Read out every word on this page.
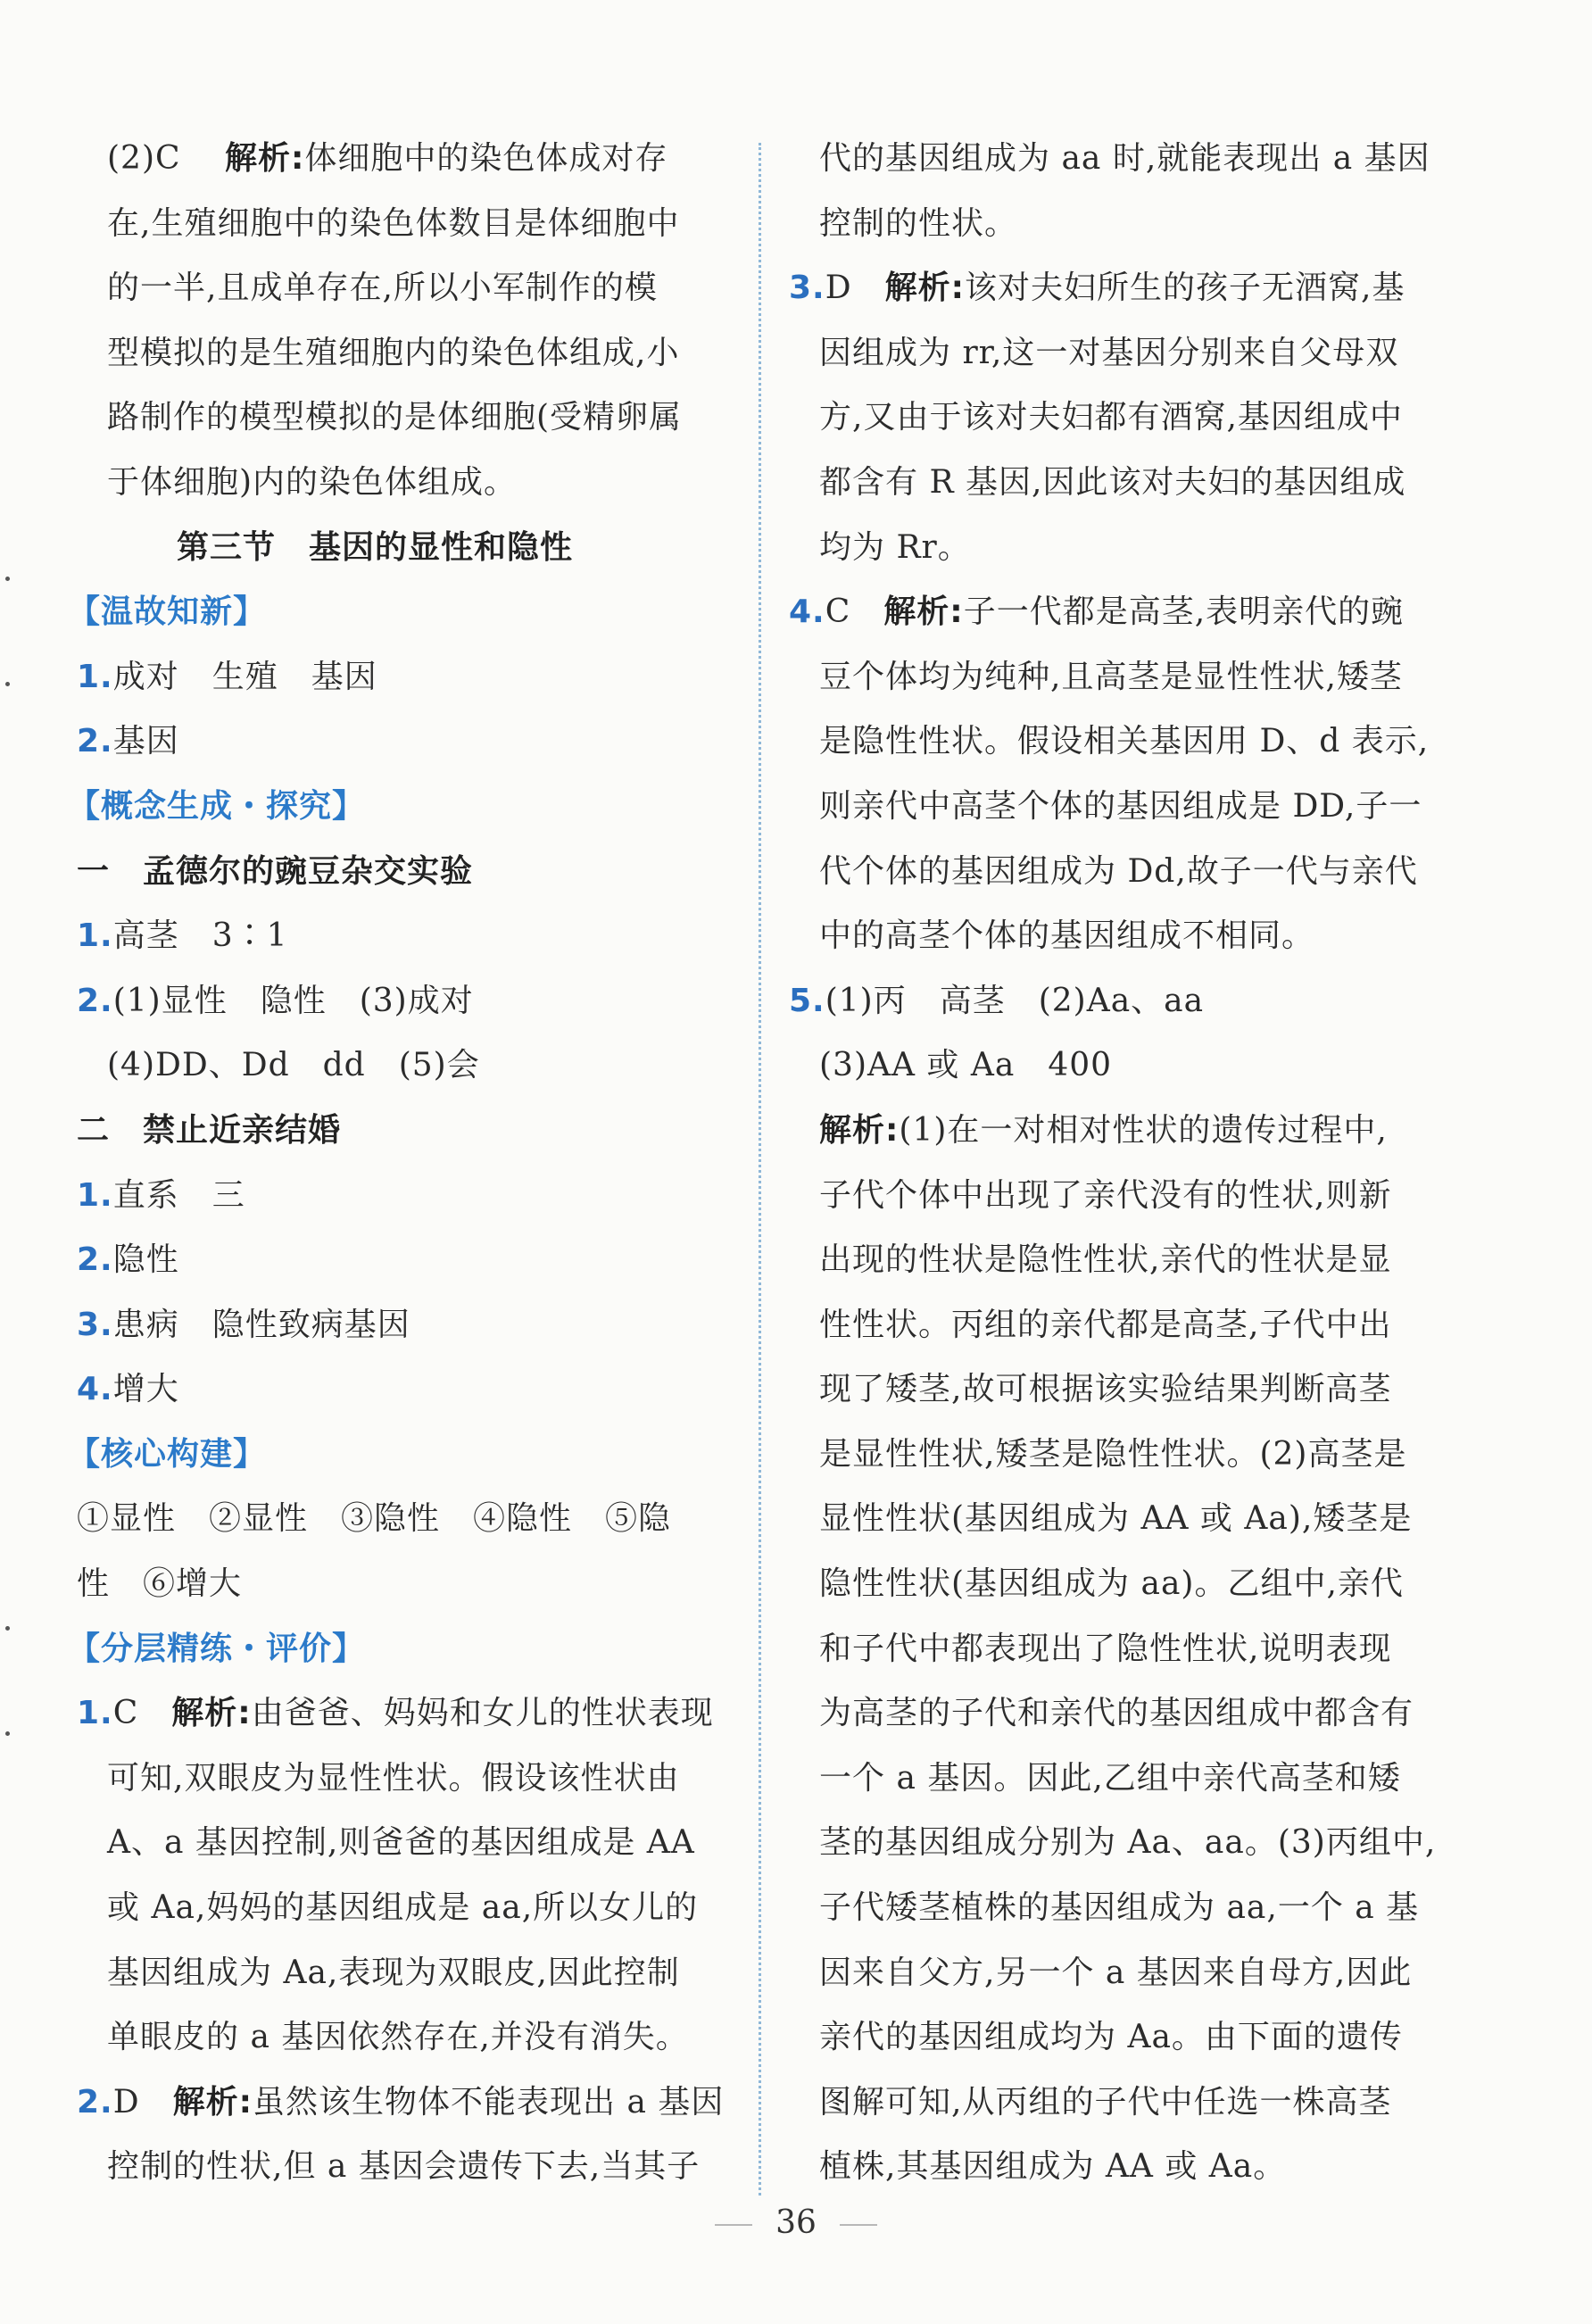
(2)C　 解析:体细胞中的染色体成对存
在,生殖细胞中的染色体数目是体细胞中
的一半,且成单存在,所以小军制作的模
型模拟的是生殖细胞内的染色体组成,小
路制作的模型模拟的是体细胞(受精卵属
于体细胞)内的染色体组成。
第三节　基因的显性和隐性
【温故知新】
1.成对　生殖　基因
2.基因
【概念生成・探究】
一　孟德尔的豌豆杂交实验
1.高茎　3∶1
2.(1)显性　隐性　(3)成对
(4)DD、Dd　dd　(5)会
二　禁止近亲结婚
1.直系　三
2.隐性
3.患病　隐性致病基因
4.增大
【核心构建】
①显性　②显性　③隐性　④隐性　⑤隐
性　⑥增大
【分层精练・评价】
1.C　 解析:由爸爸、妈妈和女儿的性状表现
可知,双眼皮为显性性状。假设该性状由
A、a 基因控制,则爸爸的基因组成是 AA
或 Aa,妈妈的基因组成是 aa,所以女儿的
基因组成为 Aa,表现为双眼皮,因此控制
单眼皮的 a 基因依然存在,并没有消失。
2.D　 解析:虽然该生物体不能表现出 a 基因
控制的性状,但 a 基因会遗传下去,当其子
代的基因组成为 aa 时,就能表现出 a 基因
控制的性状。
3.D　 解析:该对夫妇所生的孩子无酒窝,基
因组成为 rr,这一对基因分别来自父母双
方,又由于该对夫妇都有酒窝,基因组成中
都含有 R 基因,因此该对夫妇的基因组成
均为 Rr。
4.C　 解析:子一代都是高茎,表明亲代的豌
豆个体均为纯种,且高茎是显性性状,矮茎
是隐性性状。假设相关基因用 D、d 表示,
则亲代中高茎个体的基因组成是 DD,子一
代个体的基因组成为 Dd,故子一代与亲代
中的高茎个体的基因组成不相同。
5.(1)丙　高茎　(2)Aa、aa
(3)AA 或 Aa　400
解析:(1)在一对相对性状的遗传过程中,
子代个体中出现了亲代没有的性状,则新
出现的性状是隐性性状,亲代的性状是显
性性状。丙组的亲代都是高茎,子代中出
现了矮茎,故可根据该实验结果判断高茎
是显性性状,矮茎是隐性性状。(2)高茎是
显性性状(基因组成为 AA 或 Aa),矮茎是
隐性性状(基因组成为 aa)。乙组中,亲代
和子代中都表现出了隐性性状,说明表现
为高茎的子代和亲代的基因组成中都含有
一个 a 基因。因此,乙组中亲代高茎和矮
茎的基因组成分别为 Aa、aa。(3)丙组中,
子代矮茎植株的基因组成为 aa,一个 a 基
因来自父方,另一个 a 基因来自母方,因此
亲代的基因组成均为 Aa。由下面的遗传
图解可知,从丙组的子代中任选一株高茎
植株,其基因组成为 AA 或 Aa。
36
